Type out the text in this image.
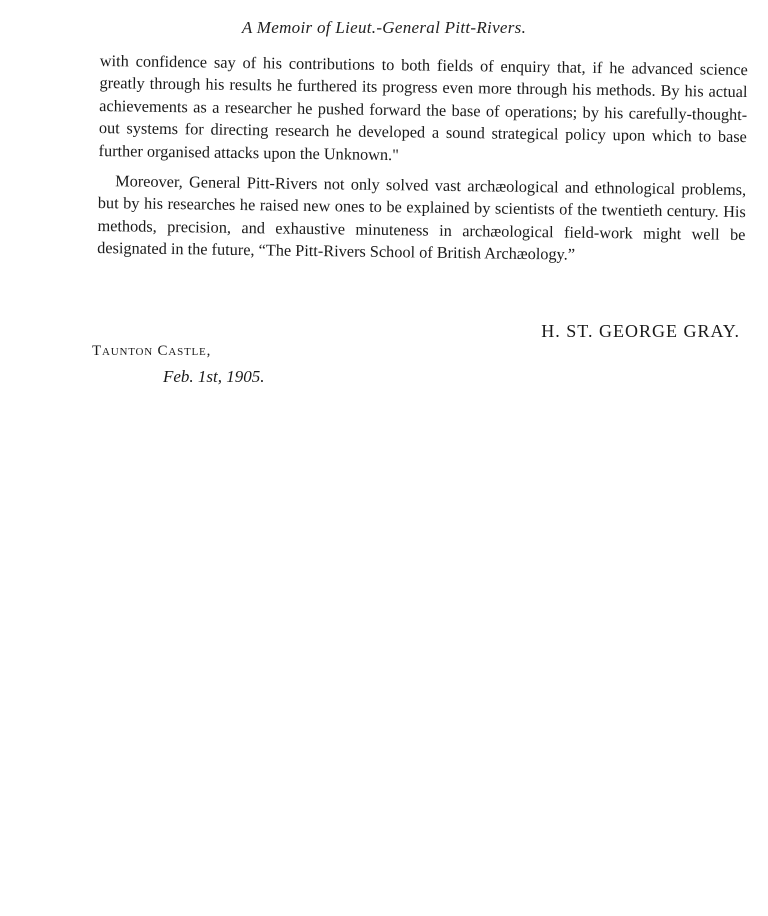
A Memoir of Lieut.-General Pitt-Rivers.

with confidence say of his contributions to both fields of enquiry that, if he advanced science greatly through his results he furthered its progress even more through his methods. By his actual achievements as a researcher he pushed forward the base of operations; by his carefully-thought-out systems for directing research he developed a sound strategical policy upon which to base further organised attacks upon the Unknown."

Moreover, General Pitt-Rivers not only solved vast archæological and ethnological problems, but by his researches he raised new ones to be explained by scientists of the twentieth century. His methods, precision, and exhaustive minuteness in archæological field-work might well be designated in the future, “The Pitt-Rivers School of British Archæology.”

H. ST. GEORGE GRAY.
Taunton Castle,
Feb. 1st, 1905.
